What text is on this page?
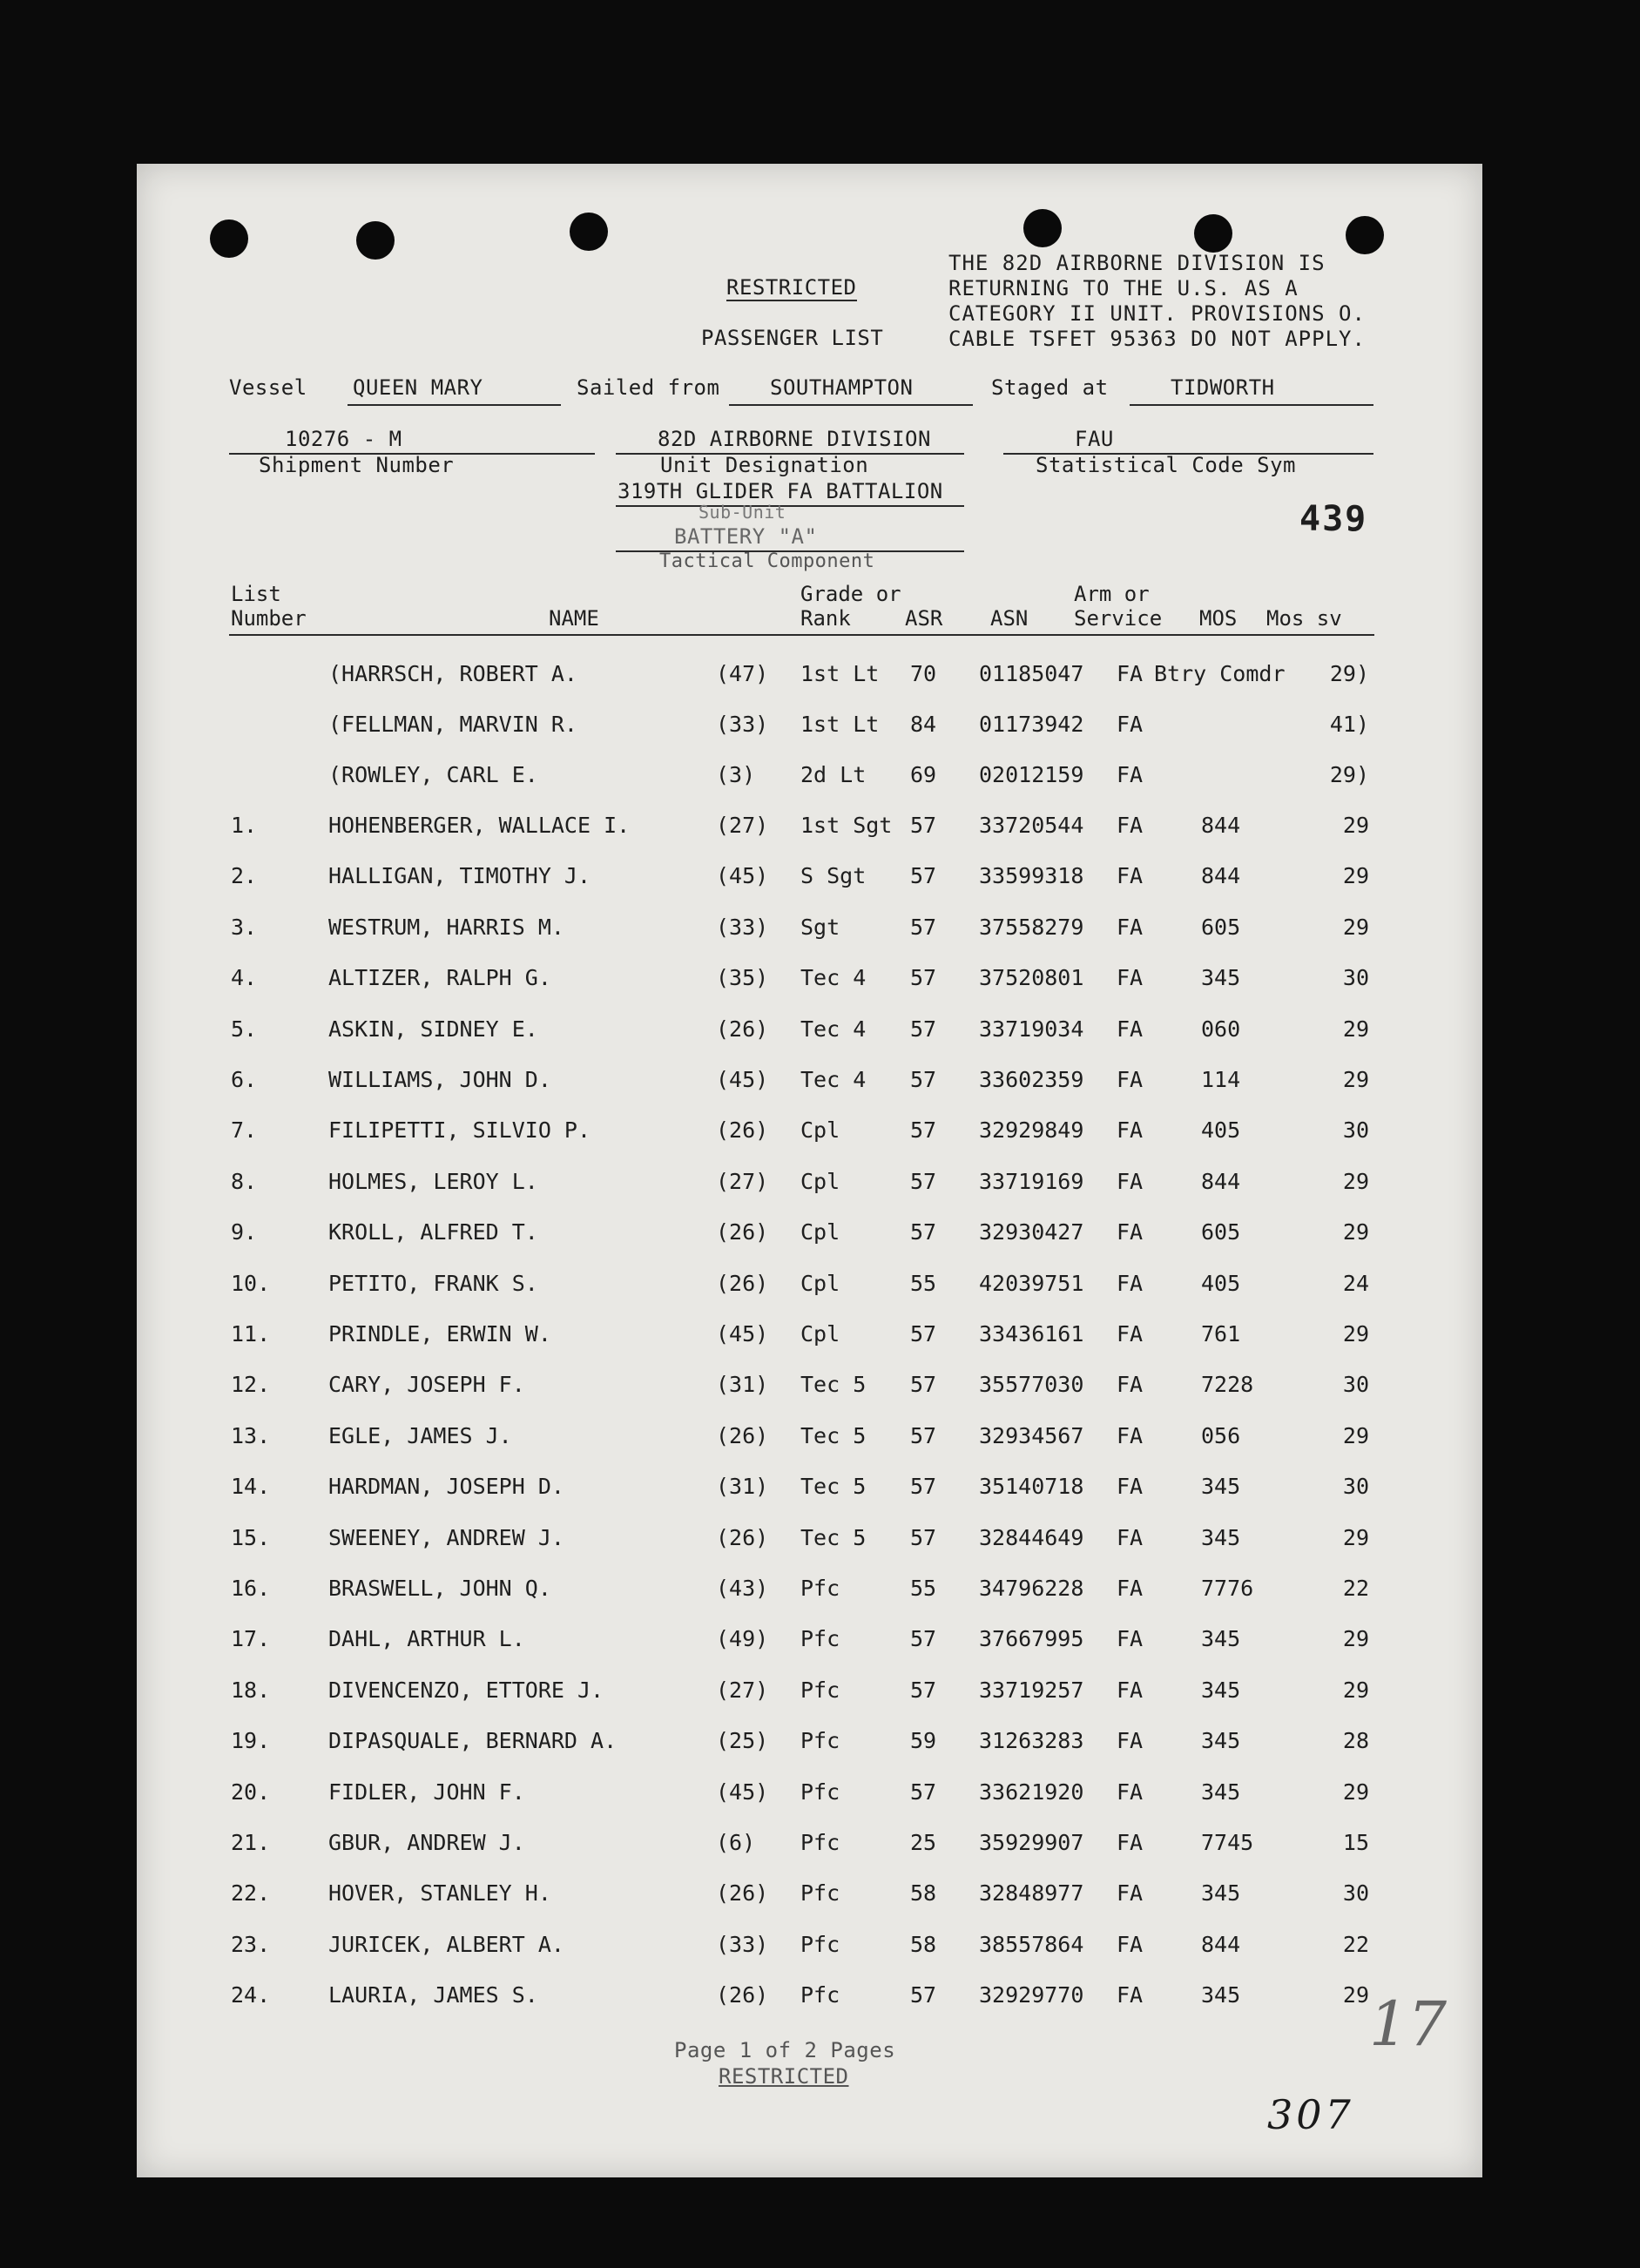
RESTRICTED
PASSENGER LIST
THE 82D AIRBORNE DIVISION IS
RETURNING TO THE U.S. AS A
CATEGORY II UNIT. PROVISIONS O.
CABLE TSFET 95363 DO NOT APPLY.
Vessel QUEEN MARY	Sailed from SOUTHAMPTON	Staged at	TIDWORTH
10276 - M
Shipment Number
82D AIRBORNE DIVISION
Unit Designation
FAU
Statistical Code Sym
319TH GLIDER FA BATTALION
Sub-Unit	439
BATTERY "A"
Tactical Component
List
Number	NAME
Grade or
Rank	ASR ASN
Arm or
Service MOS Mos sv
(HARRSCH, ROBERT A.	(47) 1st Lt 70 01185047 FA Btry Comdr 29)
(FELLMAN, MARVIN R.	(33) 1st Lt 84 01173942 FA	41)
(ROWLEY, CARL E.	(3) 2d Lt 69 02012159 FA	29)
1.	HOHENBERGER, WALLACE I.	(27) 1st Sgt 57 33720544 FA	844	29
2.	HALLIGAN, TIMOTHY J.	(45) S Sgt 57 33599318 FA	844	29
3.	WESTRUM, HARRIS M.	(33) Sgt	57 37558279 FA	605	29
4.	ALTIZER, RALPH G.	(35) Tec 4 57 37520801 FA	345	30
5.	ASKIN, SIDNEY E.	(26) Tec 4 57 33719034 FA	060	29
6.	WILLIAMS, JOHN D.	(45) Tec 4 57 33602359 FA	114	29
7.	FILIPETTI, SILVIO P.	(26) Cpl	57 32929849 FA	405	30
8.	HOLMES, LEROY L.	(27) Cpl	57 33719169 FA	844	29
9.	KROLL, ALFRED T.	(26) Cpl	57 32930427 FA	605	29
10.	PETITO, FRANK S.	(26) Cpl	55 42039751 FA	405	24
11.	PRINDLE, ERWIN W.	(45) Cpl	57 33436161 FA	761	29
12.	CARY, JOSEPH F.	(31) Tec 5 57 35577030 FA	7228	30
13.	EGLE, JAMES J.	(26) Tec 5 57 32934567 FA	056	29
14.	HARDMAN, JOSEPH D.	(31) Tec 5 57 35140718 FA	345	30
15.	SWEENEY, ANDREW J.	(26) Tec 5 57 32844649 FA	345	29
16.	BRASWELL, JOHN Q.	(43) Pfc	55 34796228 FA	7776	22
17.	DAHL, ARTHUR L.	(49) Pfc	57 37667995 FA	345	29
18.	DIVENCENZO, ETTORE J.	(27) Pfc	57 33719257 FA	345	29
19.	DIPASQUALE, BERNARD A.	(25) Pfc	59 31263283 FA	345	28
20.	FIDLER, JOHN F.	(45) Pfc	57 33621920 FA	345	29
21.	GBUR, ANDREW J.	(6) Pfc	25 35929907 FA	7745	15
22.	HOVER, STANLEY H.	(26) Pfc	58 32848977 FA	345	30
23.	JURICEK, ALBERT A.	(33) Pfc	58 38557864 FA	844	22
24.	LAURIA, JAMES S.	(26) Pfc	57 32929770 FA	345	29
Page 1 of 2 Pages
RESTRICTED
17
307
